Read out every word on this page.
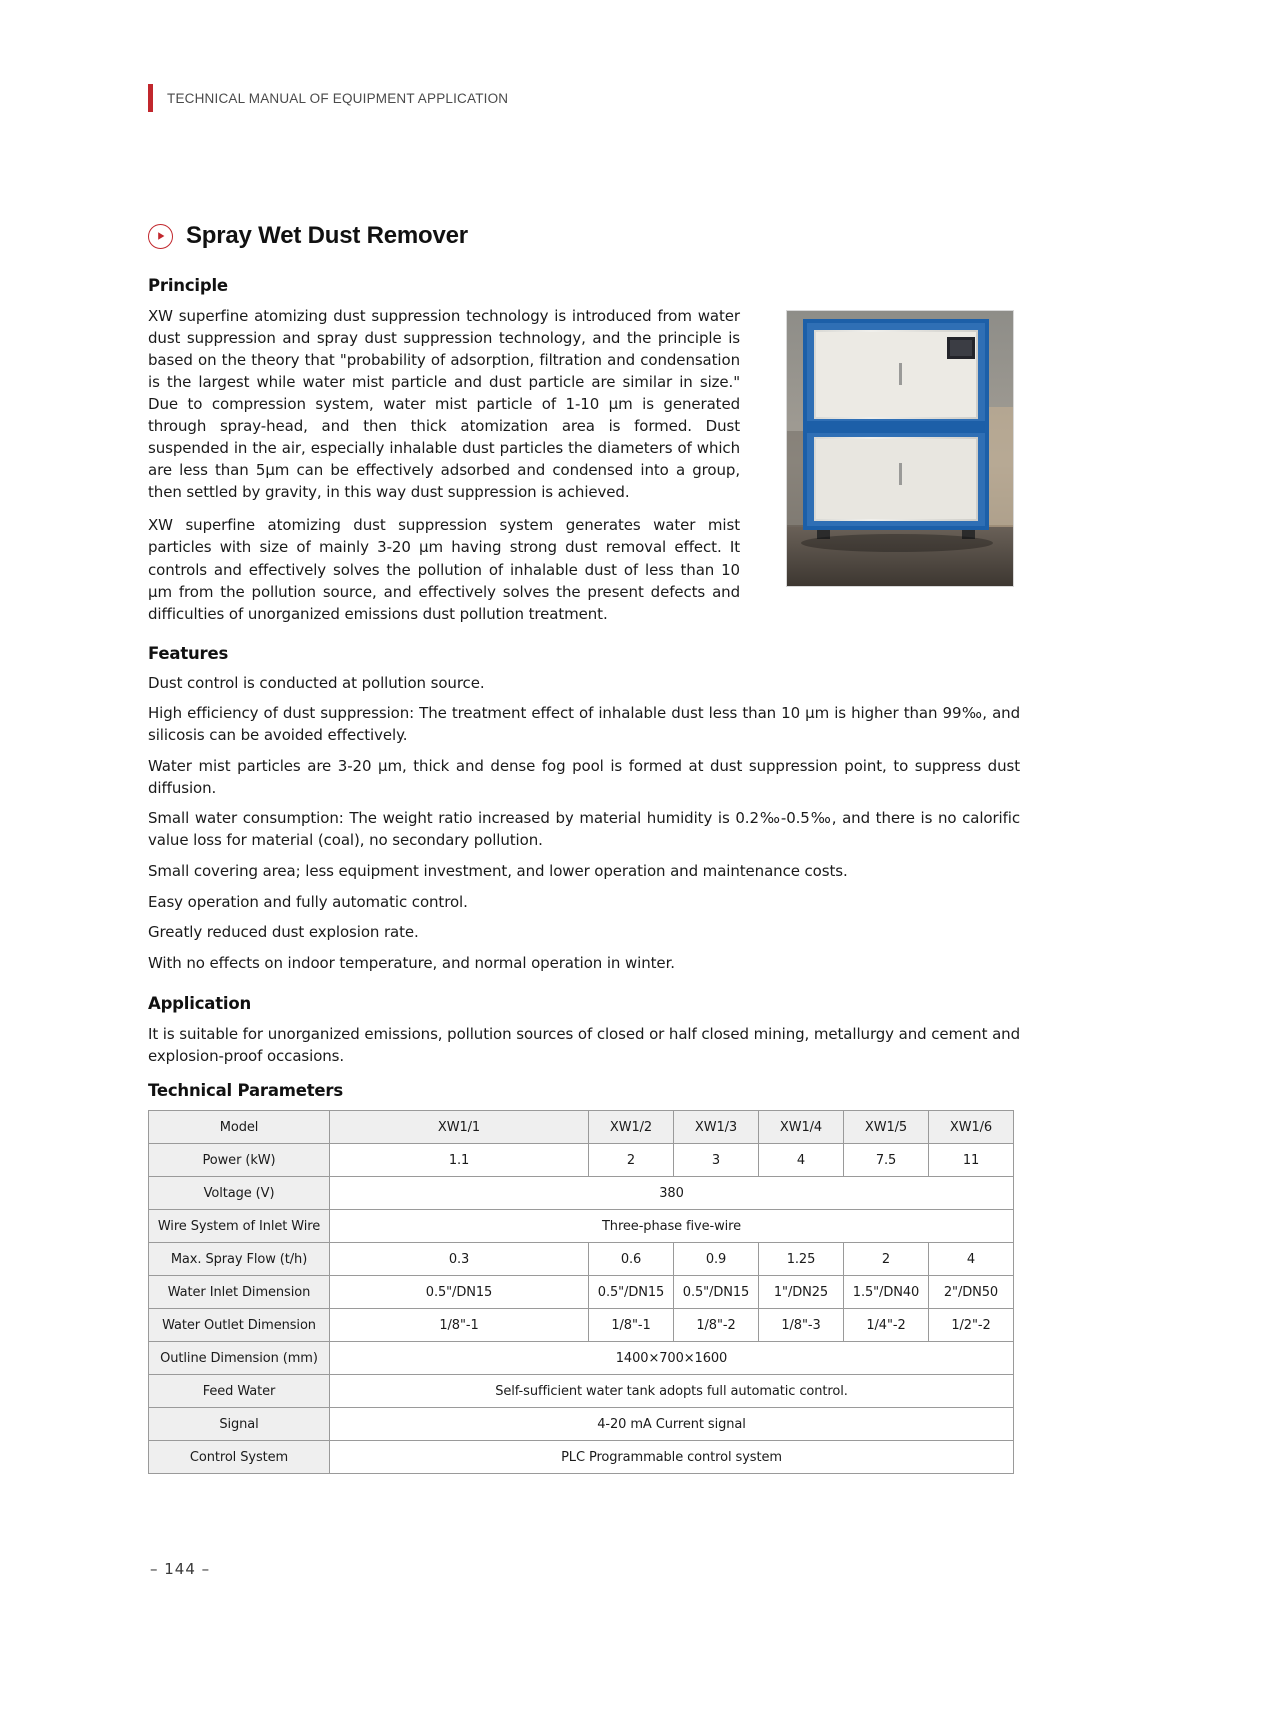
TECHNICAL MANUAL OF EQUIPMENT APPLICATION
Spray Wet Dust Remover
Principle

XW superfine atomizing dust suppression technology is introduced from water dust suppression and spray dust suppression technology, and the principle is based on the theory that "probability of adsorption, filtration and condensation is the largest while water mist particle and dust particle are similar in size." Due to compression system, water mist particle of 1-10 μm is generated through spray-head, and then thick atomization area is formed. Dust suspended in the air, especially inhalable dust particles the diameters of which are less than 5μm can be effectively adsorbed and condensed into a group, then settled by gravity, in this way dust suppression is achieved.

XW superfine atomizing dust suppression system generates water mist particles with size of mainly 3-20 μm having strong dust removal effect. It controls and effectively solves the pollution of inhalable dust of less than 10 μm from the pollution source, and effectively solves the present defects and difficulties of unorganized emissions dust pollution treatment.

Features

Dust control is conducted at pollution source.

High efficiency of dust suppression: The treatment effect of inhalable dust less than 10 μm is higher than 99‰, and silicosis can be avoided effectively.

Water mist particles are 3-20 μm, thick and dense fog pool is formed at dust suppression point, to suppress dust diffusion.

Small water consumption: The weight ratio increased by material humidity is 0.2‰-0.5‰, and there is no calorific value loss for material (coal), no secondary pollution.

Small covering area; less equipment investment, and lower operation and maintenance costs.

Easy operation and fully automatic control.

Greatly reduced dust explosion rate.

With no effects on indoor temperature, and normal operation in winter.

Application

It is suitable for unorganized emissions, pollution sources of closed or half closed mining, metallurgy and cement and explosion-proof occasions.

Technical Parameters
Model	XW1/1	XW1/2	XW1/3	XW1/4	XW1/5	XW1/6
Power (kW)	1.1	2	3	4	7.5	11
Voltage (V)	380					
Wire System of Inlet Wire	Three-phase five-wire					
Max. Spray Flow (t/h)	0.3	0.6	0.9	1.25	2	4
Water Inlet Dimension	0.5"/DN15	0.5"/DN15	0.5"/DN15	1"/DN25	1.5"/DN40	2"/DN50
Water Outlet Dimension	1/8"-1	1/8"-1	1/8"-2	1/8"-3	1/4"-2	1/2"-2
Outline Dimension (mm)	1400×700×1600					
Feed Water	Self-sufficient water tank adopts full automatic control.					
Signal	4-20 mA Current signal					
Control System	PLC Programmable control system					
– 144 –
